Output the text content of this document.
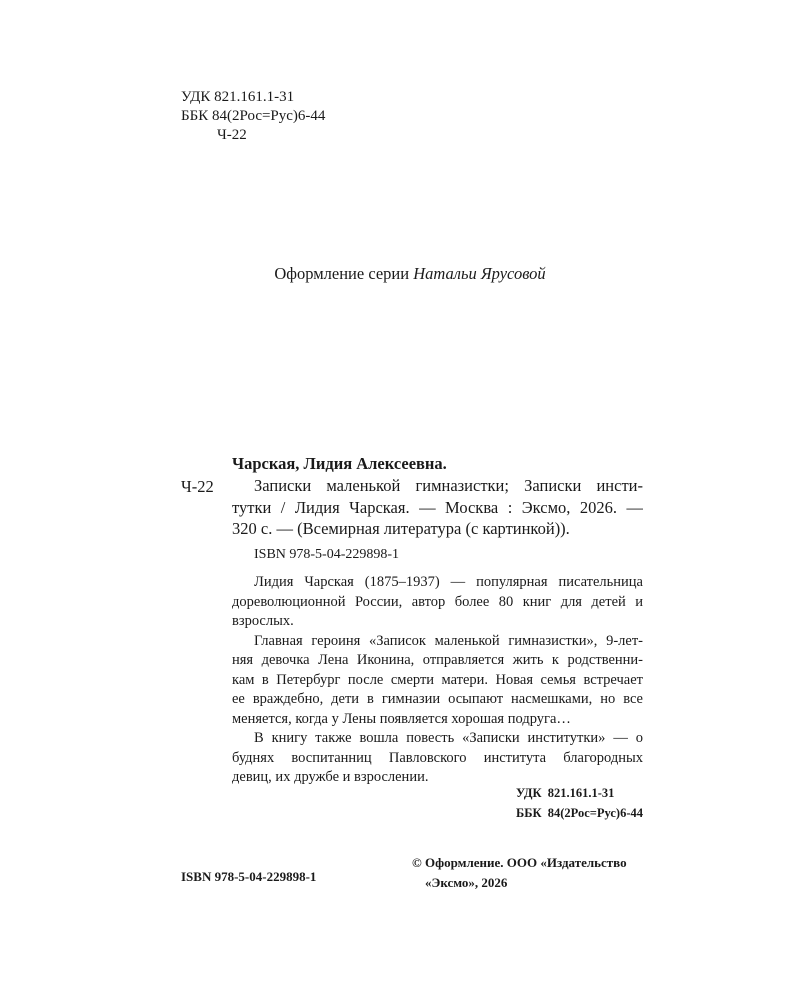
УДК 821.161.1-31
ББК 84(2Рос=Рус)6-44
Ч-22
Оформление серии Натальи Ярусовой
Чарская, Лидия Алексеевна.
Ч-22	Записки маленькой гимназистки; Записки инсти-
тутки / Лидия Чарская. — Москва : Эксмо, 2026. —
320 с. — (Всемирная литература (с картинкой)).
ISBN 978-5-04-229898-1
Лидия Чарская (1875–1937) — популярная писательница
дореволюционной России, автор более 80 книг для детей и
взрослых.
Главная героиня «Записок маленькой гимназистки», 9-лет-
няя девочка Лена Иконина, отправляется жить к родственни-
кам в Петербург после смерти матери. Новая семья встречает
ее враждебно, дети в гимназии осыпают насмешками, но все
меняется, когда у Лены появляется хорошая подруга…
В книгу также вошла повесть «Записки институтки» — о
буднях воспитанниц Павловского института благородных
девиц, их дружбе и взрослении.
УДК 821.161.1-31
ББК 84(2Рос=Рус)6-44
ISBN 978-5-04-229898-1
© Оформление. ООО «Издательство
«Эксмо», 2026
